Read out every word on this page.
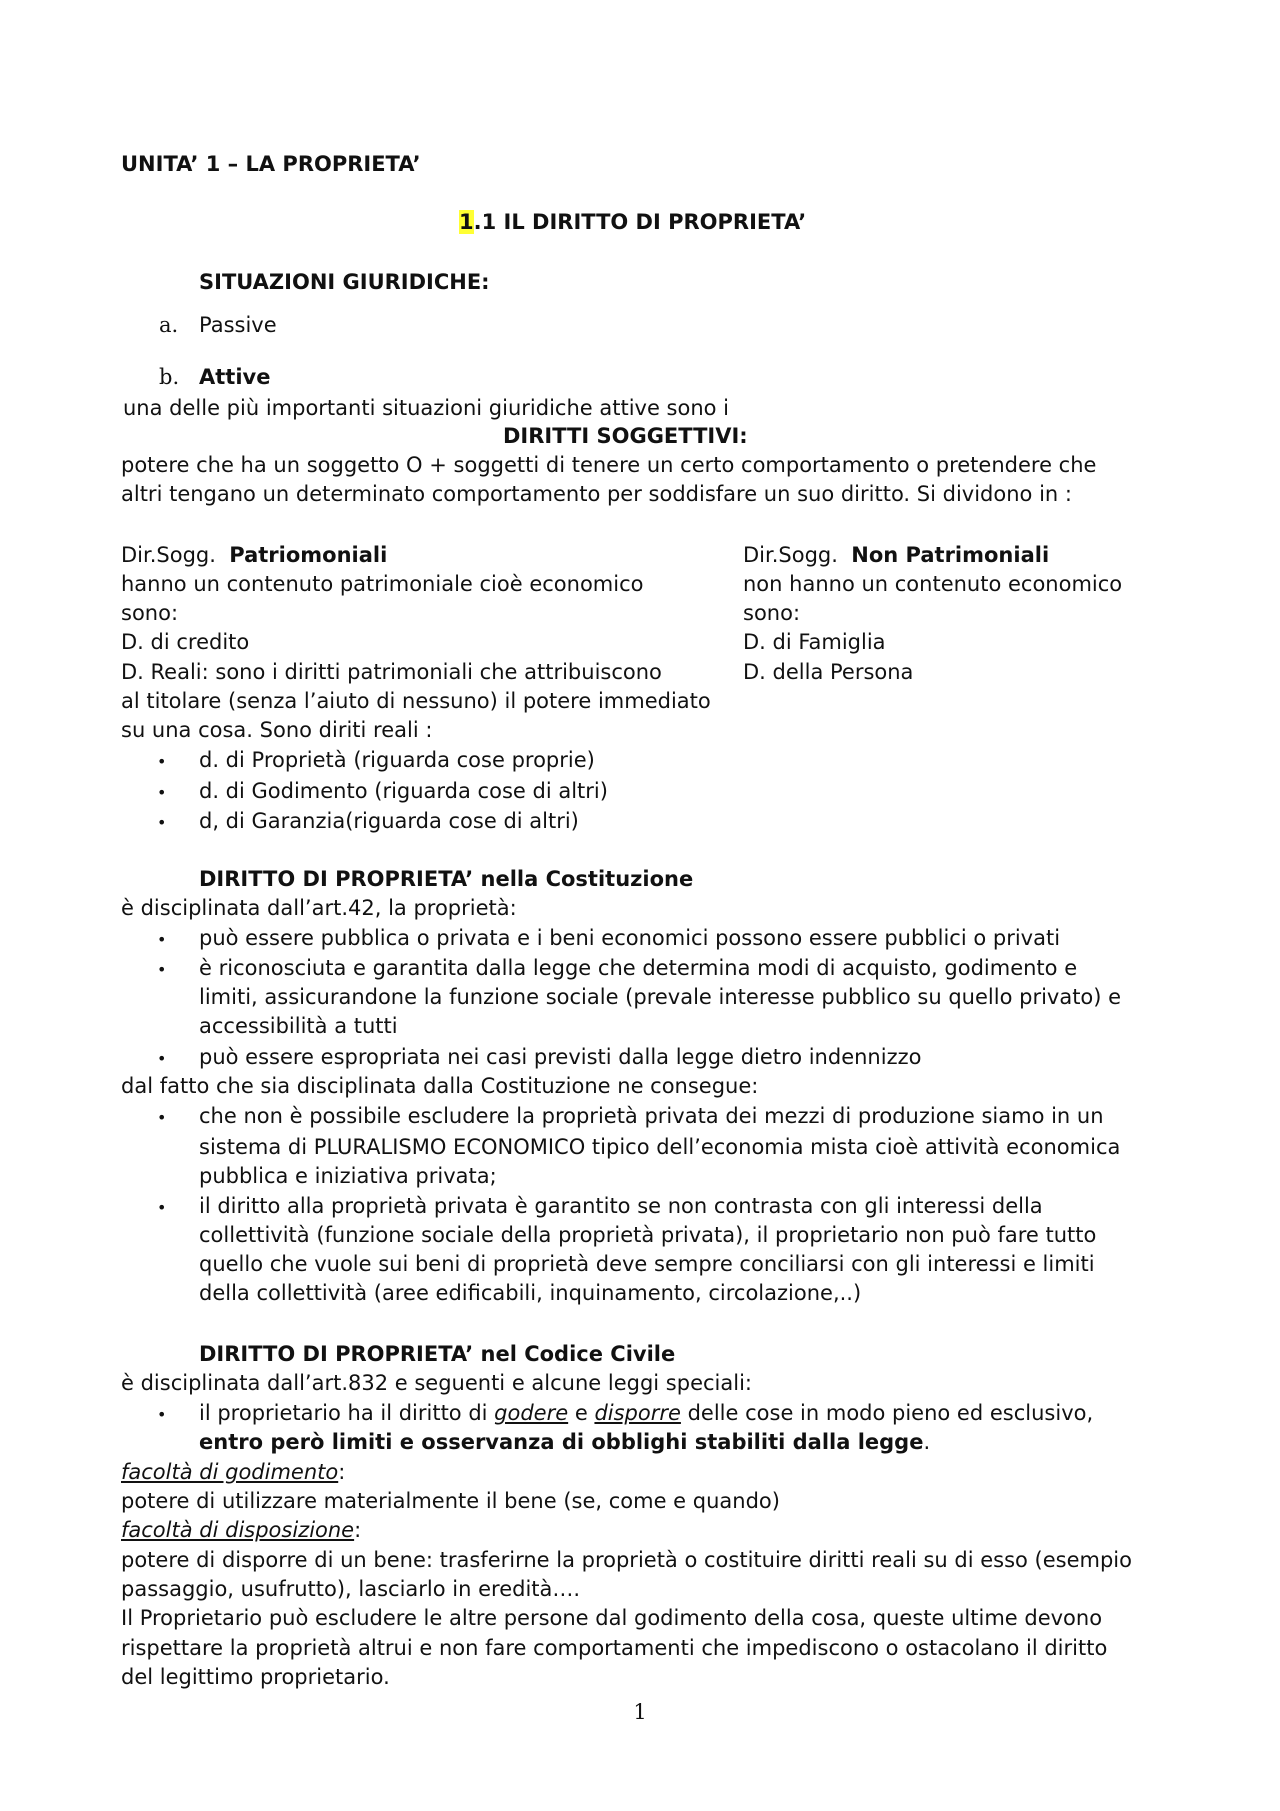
UNITA’ 1 – LA PROPRIETA’
1.1 IL DIRITTO DI PROPRIETA’
SITUAZIONI GIURIDICHE:
a. Passive
b. Attive
una delle più importanti situazioni giuridiche attive sono i
DIRITTI SOGGETTIVI:
potere che ha un soggetto O + soggetti di tenere un certo comportamento o pretendere che
altri tengano un determinato comportamento per soddisfare un suo diritto. Si dividono in :
Dir.Sogg. Patriomoniali
hanno un contenuto patrimoniale cioè economico
sono:
D. di credito
D. Reali: sono i diritti patrimoniali che attribuiscono
al titolare (senza l’aiuto di nessuno) il potere immediato
su una cosa. Sono diriti reali :
• d. di Proprietà (riguarda cose proprie)
• d. di Godimento (riguarda cose di altri)
• d, di Garanzia(riguarda cose di altri)
Dir.Sogg. Non Patrimoniali
non hanno un contenuto economico
sono:
D. di Famiglia
D. della Persona
DIRITTO DI PROPRIETA’ nella Costituzione
è disciplinata dall’art.42, la proprietà:
• può essere pubblica o privata e i beni economici possono essere pubblici o privati
• è riconosciuta e garantita dalla legge che determina modi di acquisto, godimento e
limiti, assicurandone la funzione sociale (prevale interesse pubblico su quello privato) e
accessibilità a tutti
• può essere espropriata nei casi previsti dalla legge dietro indennizzo
dal fatto che sia disciplinata dalla Costituzione ne consegue:
• che non è possibile escludere la proprietà privata dei mezzi di produzione siamo in un
sistema di PLURALISMO ECONOMICO tipico dell’economia mista cioè attività economica
pubblica e iniziativa privata;
• il diritto alla proprietà privata è garantito se non contrasta con gli interessi della
collettività (funzione sociale della proprietà privata), il proprietario non può fare tutto
quello che vuole sui beni di proprietà deve sempre conciliarsi con gli interessi e limiti
della collettività (aree edificabili, inquinamento, circolazione,..)
DIRITTO DI PROPRIETA’ nel Codice Civile
è disciplinata dall’art.832 e seguenti e alcune leggi speciali:
• il proprietario ha il diritto di godere e disporre delle cose in modo pieno ed esclusivo,
entro però limiti e osservanza di obblighi stabiliti dalla legge.
facoltà di godimento:
potere di utilizzare materialmente il bene (se, come e quando)
facoltà di disposizione:
potere di disporre di un bene: trasferirne la proprietà o costituire diritti reali su di esso (esempio
passaggio, usufrutto), lasciarlo in eredità….
Il Proprietario può escludere le altre persone dal godimento della cosa, queste ultime devono
rispettare la proprietà altrui e non fare comportamenti che impediscono o ostacolano il diritto
del legittimo proprietario.
1
